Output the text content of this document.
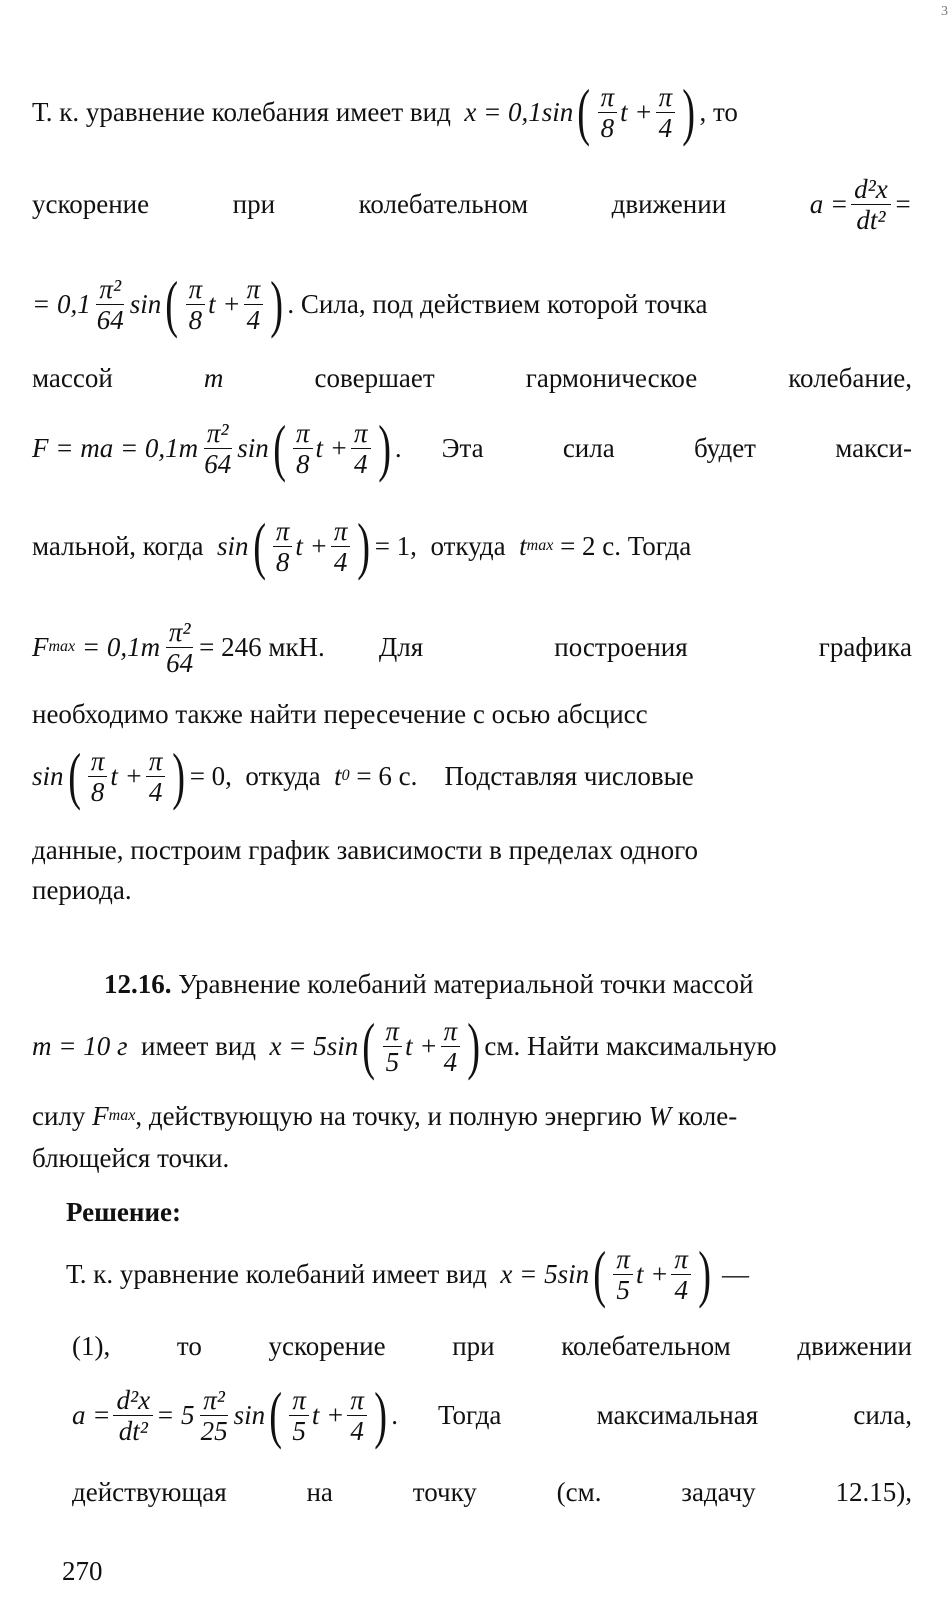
3
Т. к. уравнение колебания имеет вид
x = 0,1sin ( $\frac{\pi}{8}$ $t + \frac{\pi}{4}$ ) , то
ускорение	при	колебательном	движении	$a = \frac{\text{d²x}}{\text{dt²}}$ =
= $0,1 \frac{\text{π²}}{64}$ sin ( $\frac{\pi}{8}$ $t + \frac{\pi}{4}$ ) . Сила, под действием которой точка
массой	m	совершает	гармоническое	колебание,
F = ma = $0,1m \frac{\text{π²}}{64}$ sin ( $\frac{\pi}{8}$ $t + \frac{\pi}{4}$ ) . Эта	сила	будет	макси-
мальной, когда
sin ( $\frac{\pi}{8}$ $t + \frac{\pi}{4}$ ) = 1,
откуда
t max
= 2 с.
Тогда
F max
= $0,1m \frac{\text{π²}}{64} = 246$ мкН. Для	построения	графика
необходимо также найти пересечение с осью абсцисс
sin ( $\frac{\pi}{8}$ $t + \frac{\pi}{4}$ ) = 0,
откуда
t 0
= 6 с.
Подставляя числовые
данные, построим график зависимости в пределах одного
периода.
12.16.
Уравнение колебаний материальной точки массой
m = 10 г
имеет вид
x = 5sin ( $\frac{\pi}{5}$ $t + \frac{\pi}{4}$ ) см. Найти максимальную
силу
F max , действующую на точку, и полную энергию
W
коле-
блющейся точки.
Решение:
Т. к. уравнение колебаний имеет вид
x = 5sin ( $\frac{\pi}{5}$ $t + \frac{\pi}{4}$ )
—
(1), то ускорение при колебательном движении
$a = \frac{\text{d²x}}{\text{dt²}} = 5 \frac{\text{π²}}{25}$ sin ( $\frac{\pi}{5}$ $t + \frac{\pi}{4}$ ) . Тогда	максимальная	сила,
действующая	на	точку	(см.	задачу	12.15),
270
